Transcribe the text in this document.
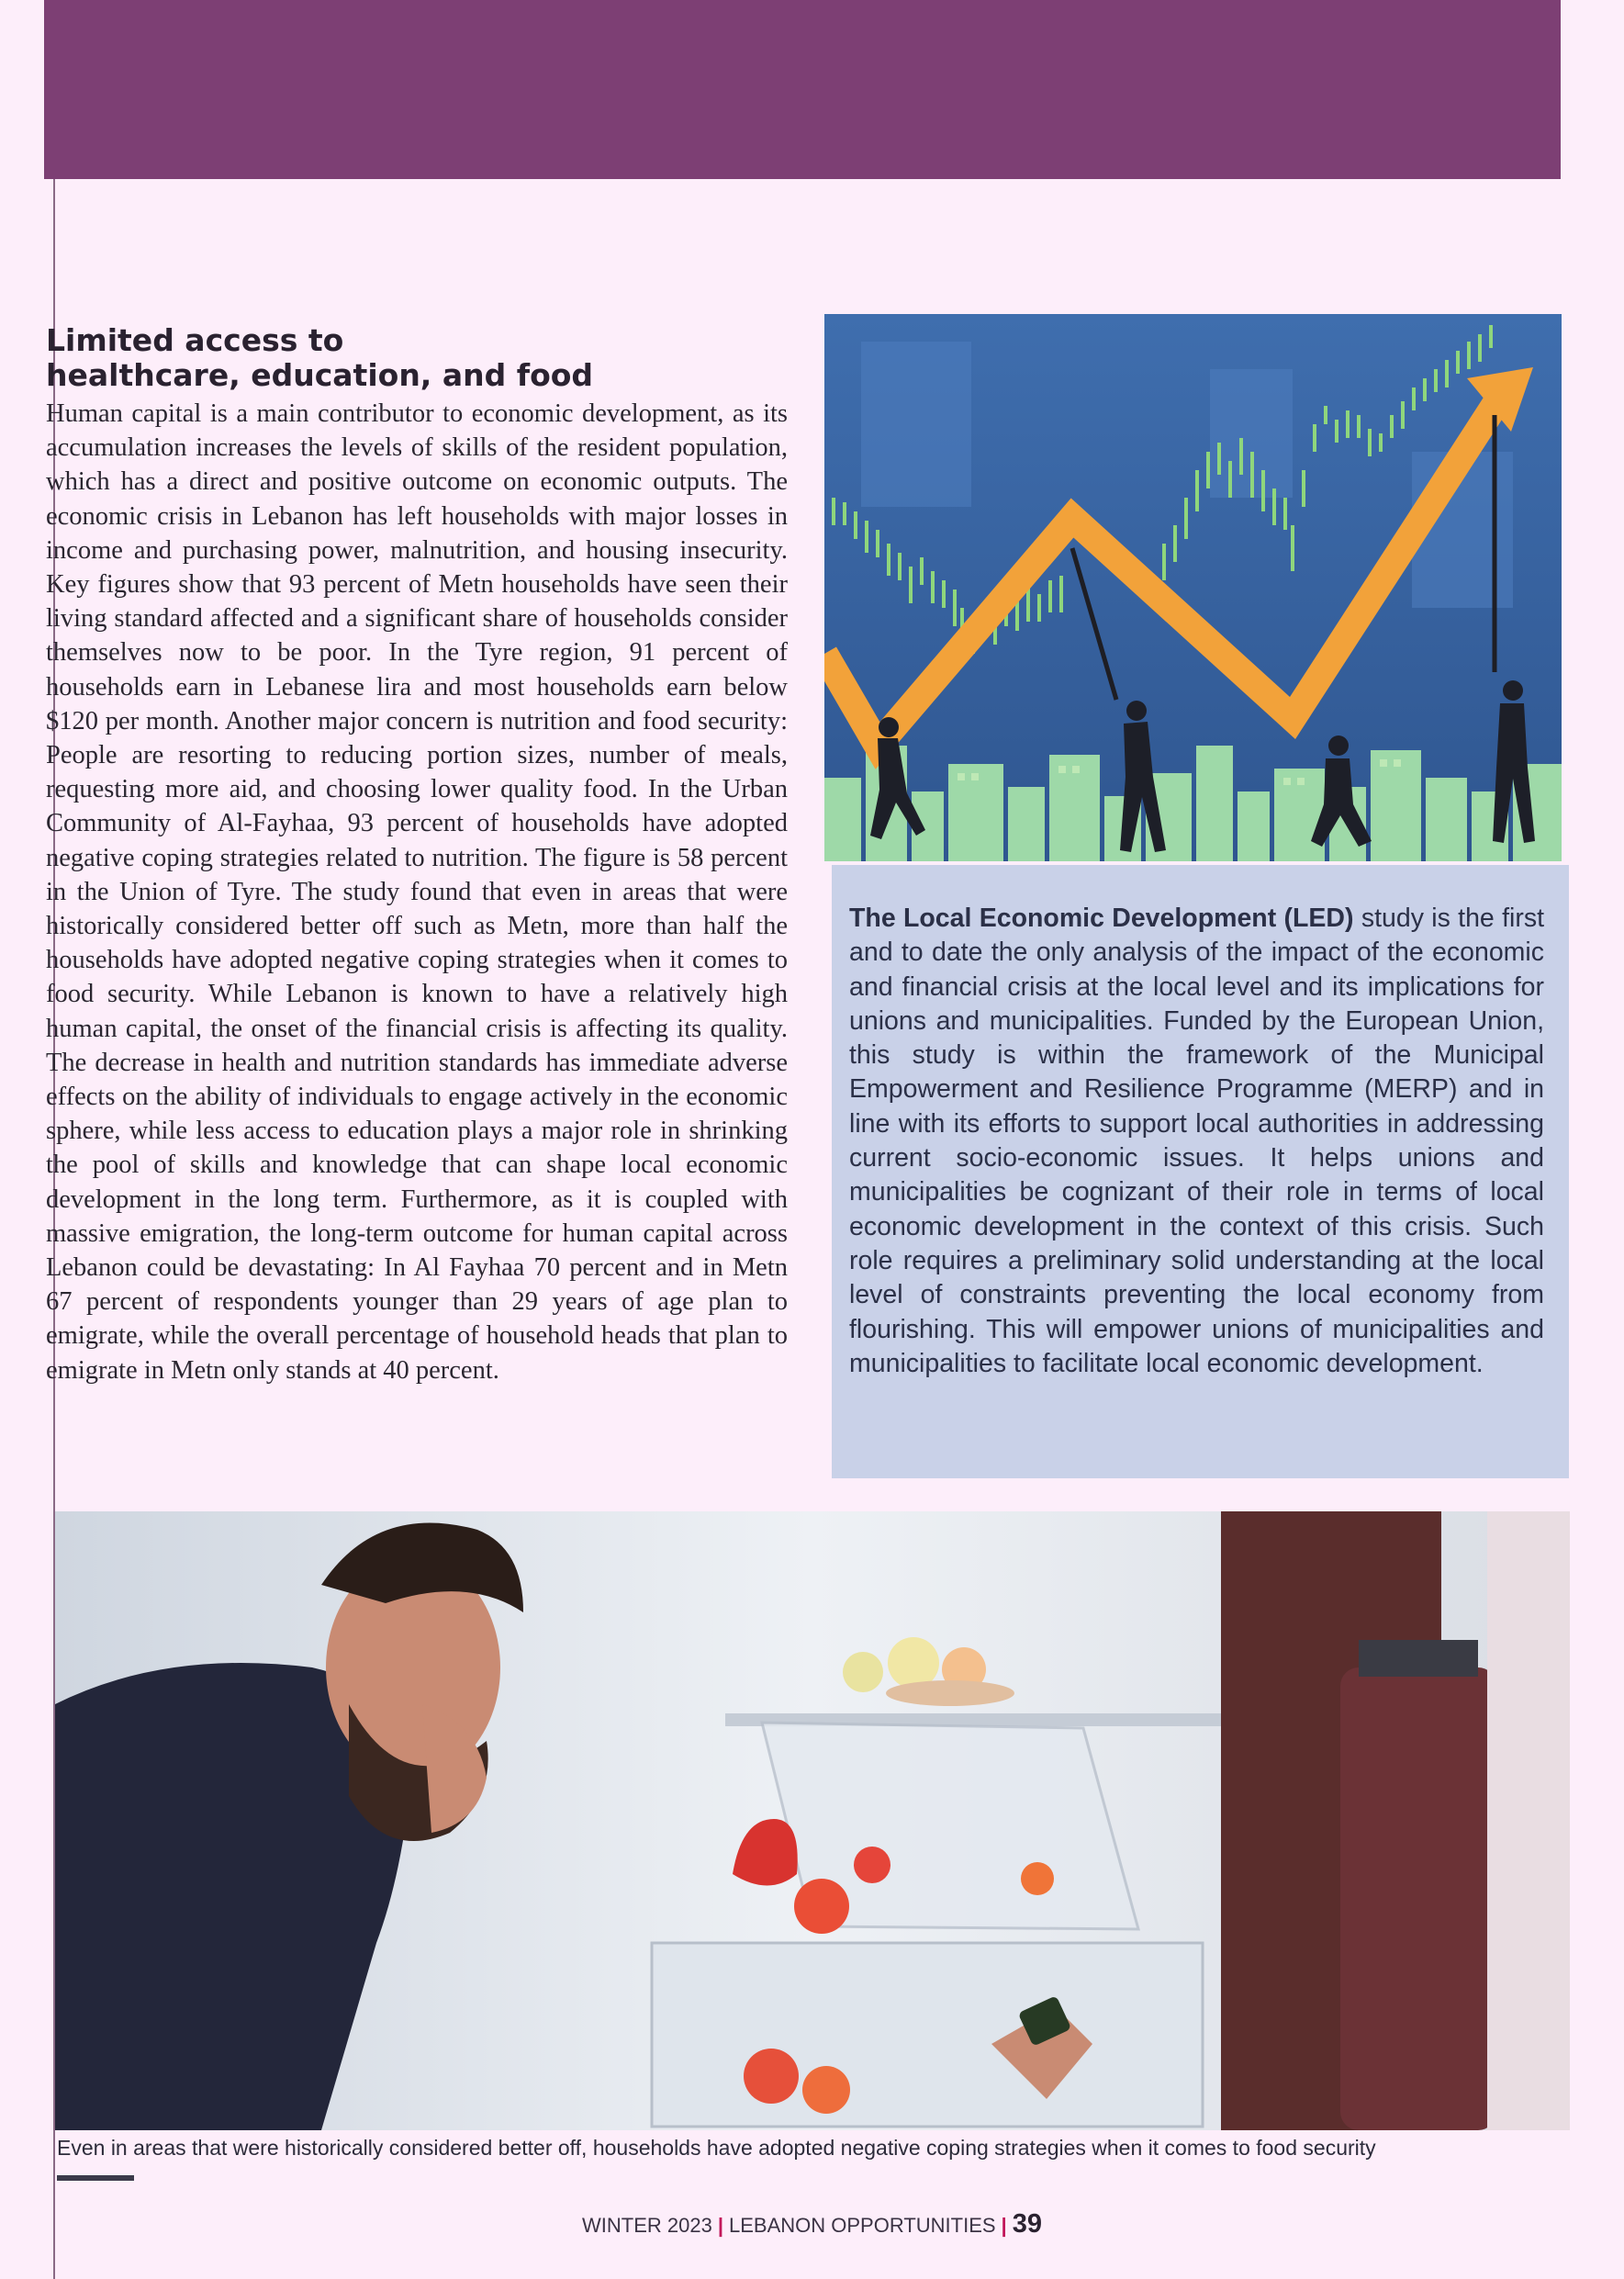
Limited access to
healthcare, education, and food

Human capital is a main contributor to economic development, as its accumulation increases the levels of skills of the resident population, which has a direct and positive outcome on economic outputs. The economic crisis in Lebanon has left households with major losses in income and purchasing power, malnutrition, and housing insecurity. Key figures show that 93 percent of Metn households have seen their living standard affected and a significant share of households consider themselves now to be poor. In the Tyre region, 91 percent of households earn in Lebanese lira and most households earn below $120 per month. Another major concern is nutrition and food security: People are resorting to reducing portion sizes, number of meals, requesting more aid, and choosing lower quality food. In the Urban Community of Al-Fayhaa, 93 percent of households have adopted negative coping strategies related to nutrition. The figure is 58 percent in the Union of Tyre. The study found that even in areas that were historically considered better off such as Metn, more than half the households have adopted negative coping strategies when it comes to food security. While Lebanon is known to have a relatively high human capital, the onset of the financial crisis is affecting its quality. The decrease in health and nutrition standards has immediate adverse effects on the ability of individuals to engage actively in the economic sphere, while less access to education plays a major role in shrinking the pool of skills and knowledge that can shape local economic development in the long term. Furthermore, as it is coupled with massive emigration, the long-term outcome for human capital across Lebanon could be devastating: In Al Fayhaa 70 percent and in Metn 67 percent of respondents younger than 29 years of age plan to emigrate, while the overall percentage of household heads that plan to emigrate in Metn only stands at 40 percent.

The Local Economic Development (LED) study is the first and to date the only analysis of the impact of the economic and financial crisis at the local level and its implications for unions and municipalities. Funded by the European Union, this study is within the framework of the Municipal Empowerment and Resilience Programme (MERP) and in line with its efforts to support local authorities in addressing current socio-economic issues. It helps unions and municipalities be cognizant of their role in terms of local economic development in the context of this crisis. Such role requires a preliminary solid understanding at the local level of constraints preventing the local economy from flourishing. This will empower unions of municipalities and municipalities to facilitate local economic development.

Even in areas that were historically considered better off, households have adopted negative coping strategies when it comes to food security

WINTER 2023 | LEBANON OPPORTUNITIES | 39
